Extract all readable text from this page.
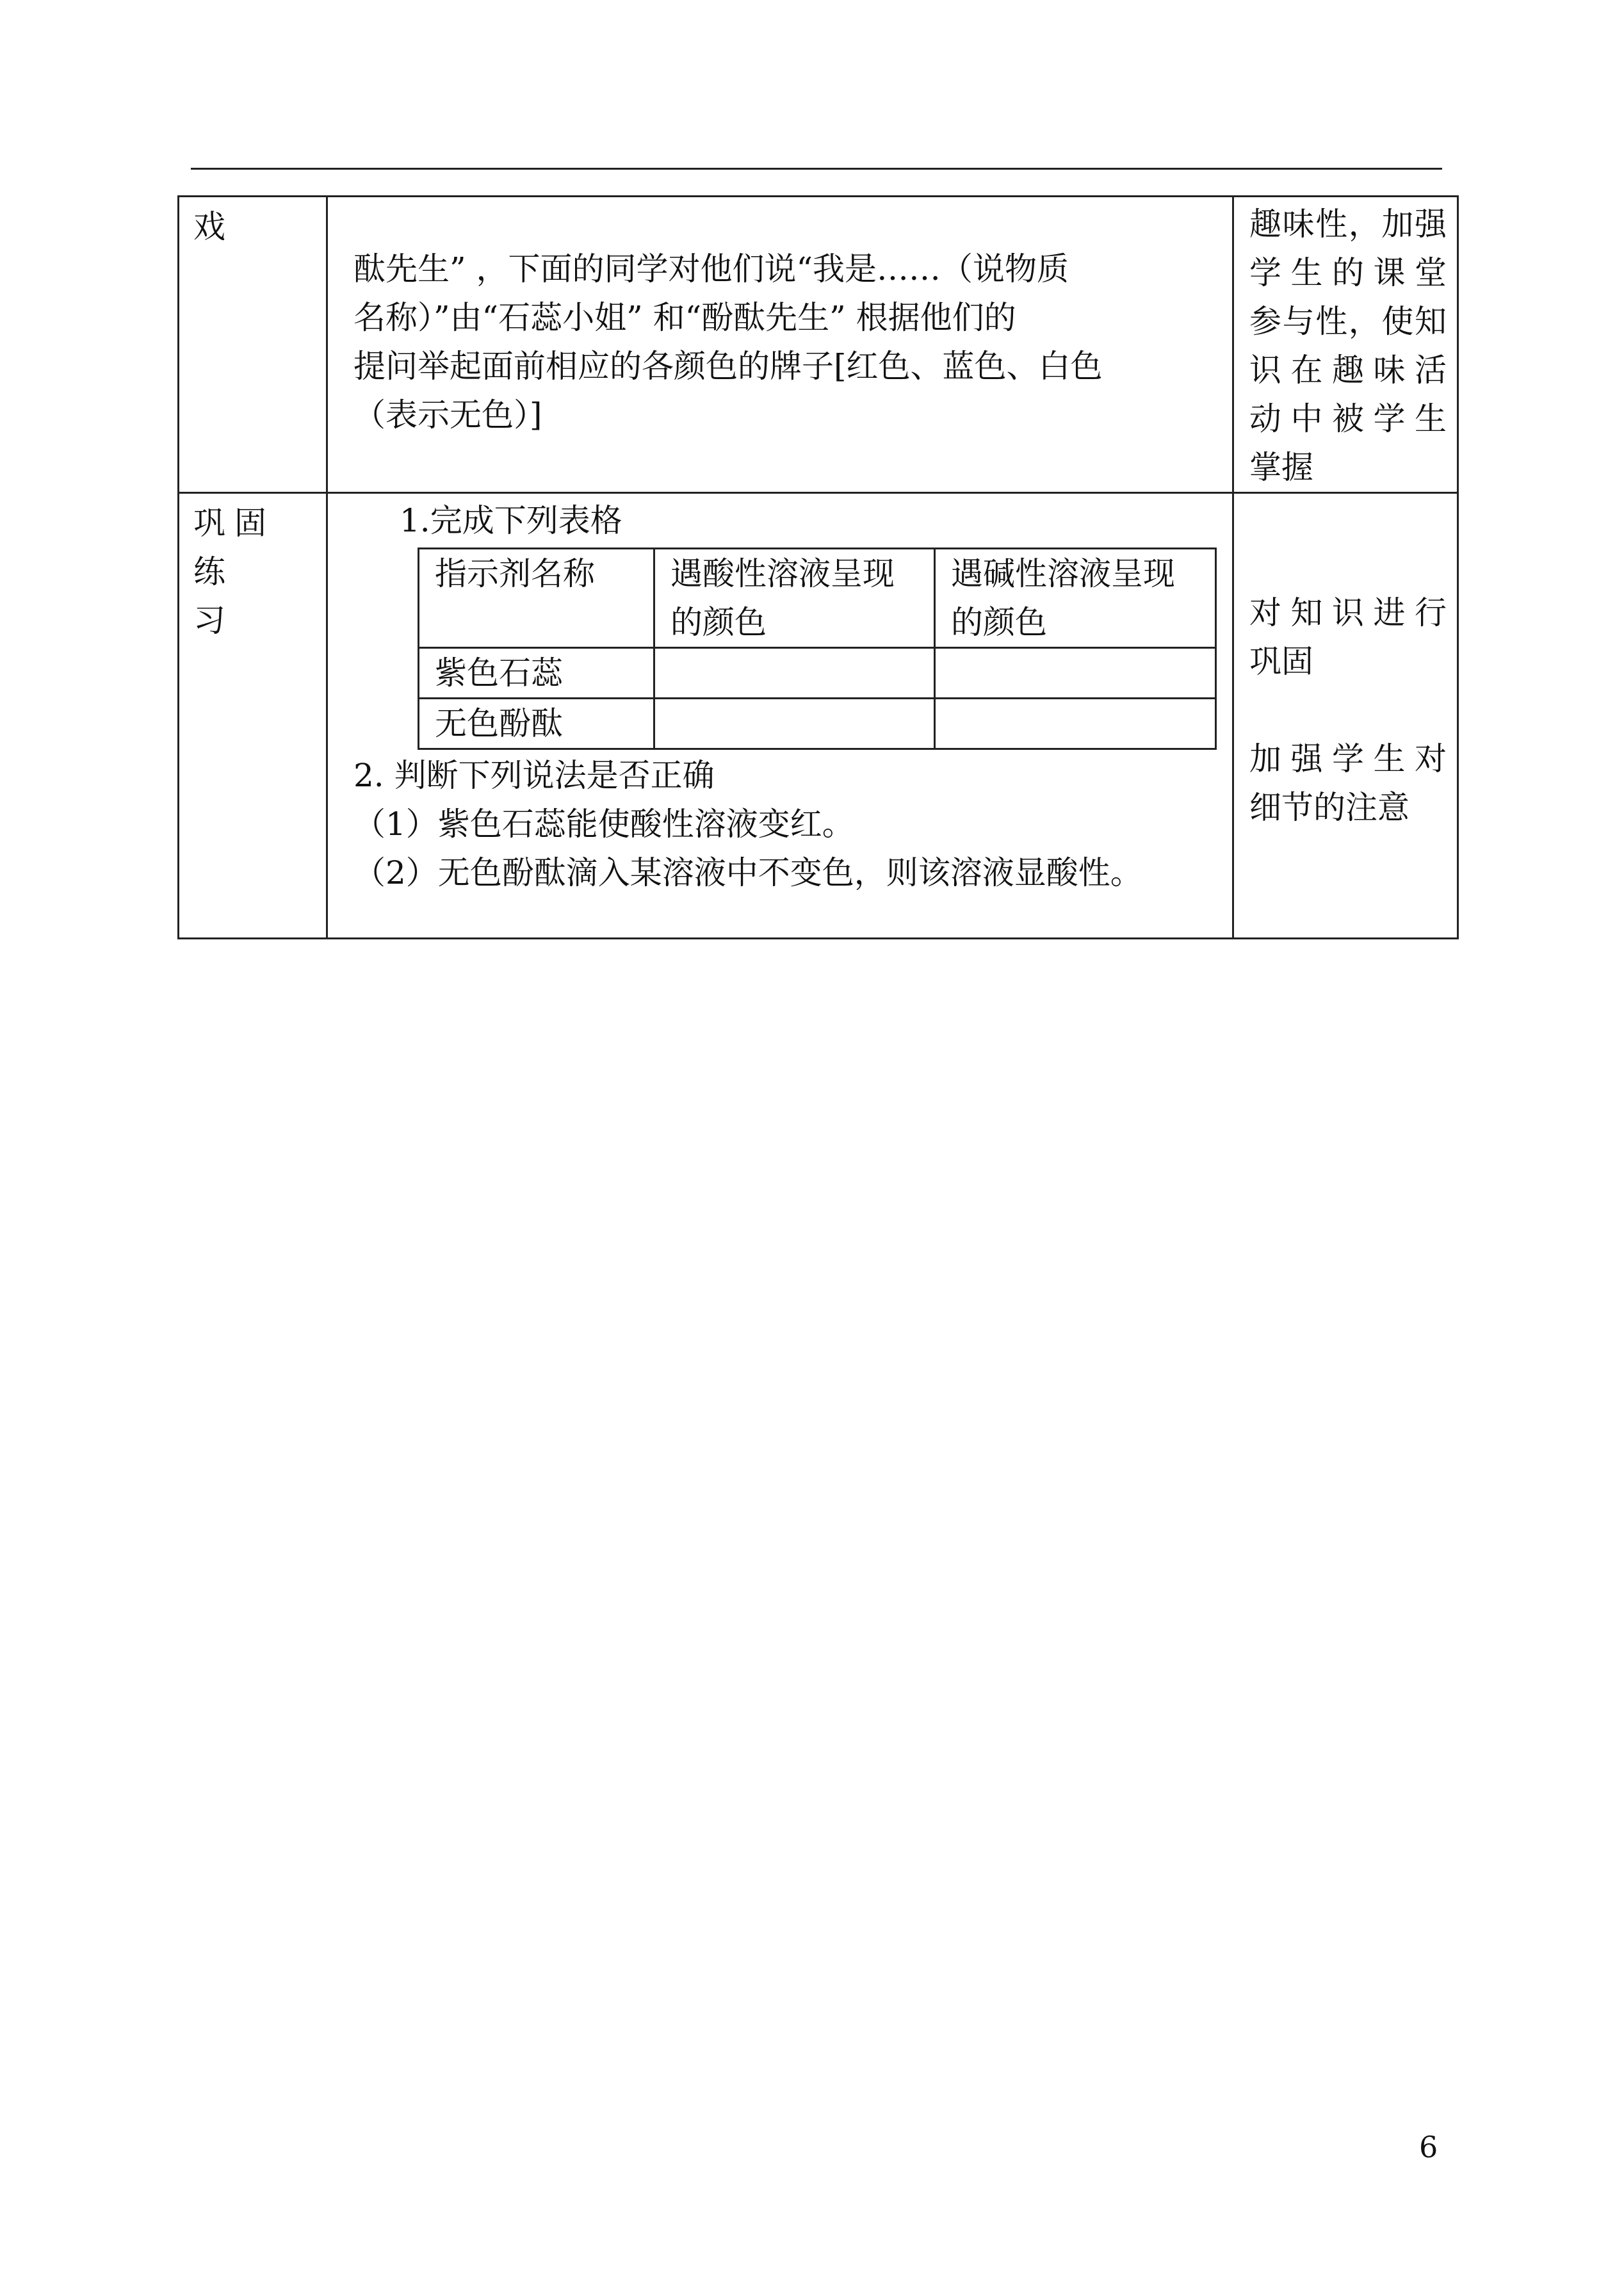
戏

酞先生” ，下面的同学对他们说“我是……（说物质
名称）”由“石蕊小姐” 和“酚酞先生” 根据他们的
提问举起面前相应的各颜色的牌子[红色、蓝色、白色
（表示无色）]

趣味性，加强
学生的课堂
参与性，使知
识在趣味活
动中被学生
掌握

巩固练
习

1.完成下列表格
指示剂名称	遇酸性溶液呈现的颜色	遇碱性溶液呈现的颜色
紫色石蕊		
无色酚酞		
2. 判断下列说法是否正确
（1）紫色石蕊能使酸性溶液变红。
（2）无色酚酞滴入某溶液中不变色，则该溶液显酸性。

对知识进行
巩固
加强学生对
细节的注意
6
